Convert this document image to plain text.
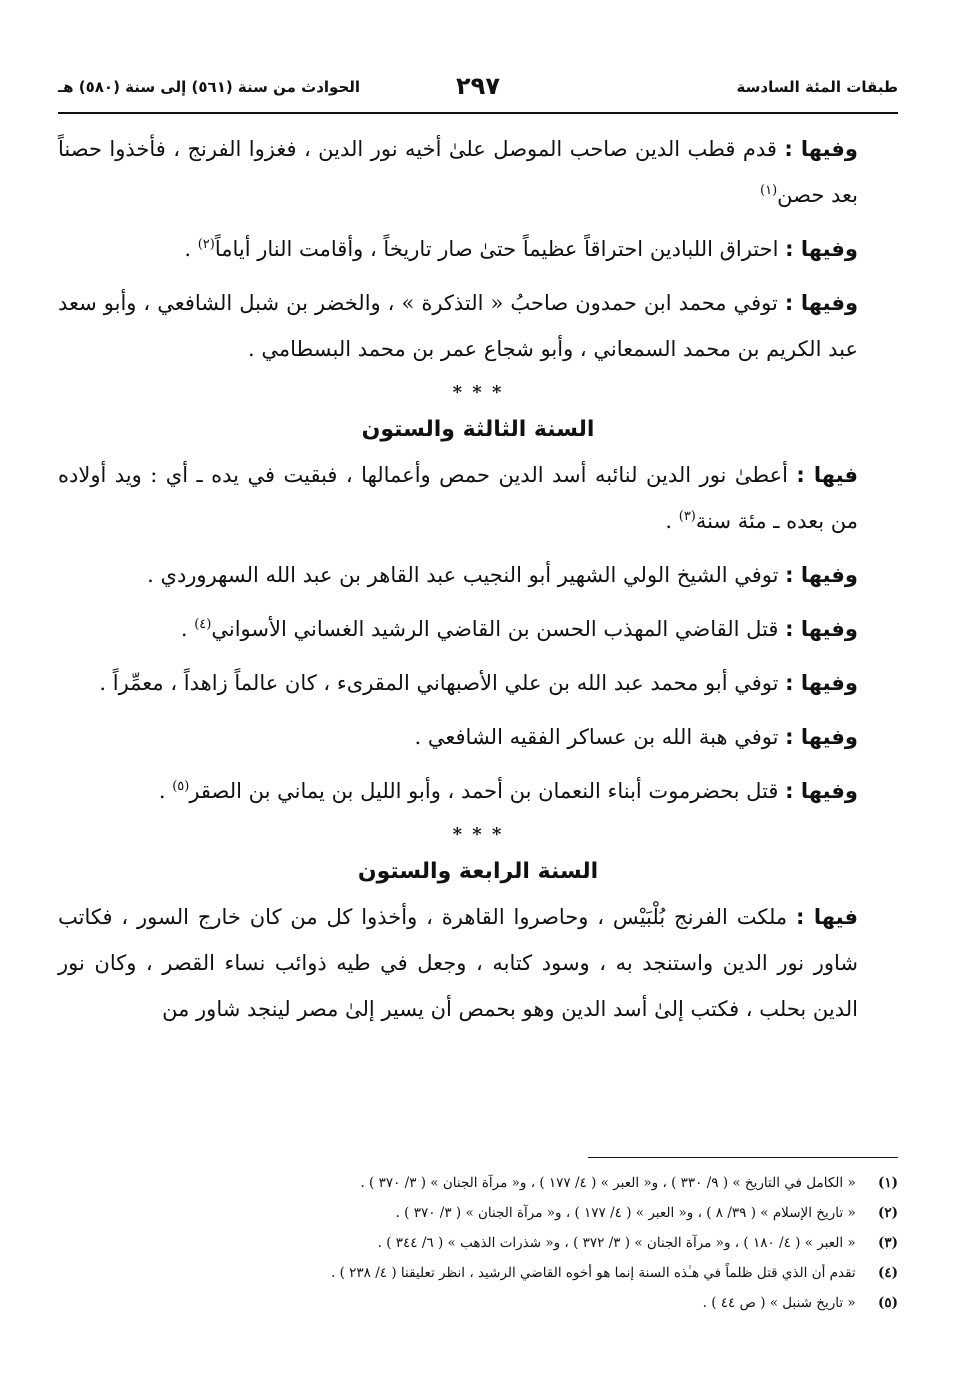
طبقات المئة السادسة
٢٩٧
الحوادث من سنة (٥٦١) إلى سنة (٥٨٠) هـ

وفيها : قدم قطب الدين صاحب الموصل علىٰ أخيه نور الدين ، فغزوا الفرنج ، فأخذوا حصناً بعد حصن$^{(١)}$

وفيها : احتراق اللبادين احتراقاً عظيماً حتىٰ صار تاريخاً ، وأقامت النار أياماً$^{(٢)}$ .

وفيها : توفي محمد ابن حمدون صاحبُ « التذكرة » ، والخضر بن شبل الشافعي ، وأبو سعد عبد الكريم بن محمد السمعاني ، وأبو شجاع عمر بن محمد البسطامي .

* * *
السنة الثالثة والستون

فيها : أعطىٰ نور الدين لنائبه أسد الدين حمص وأعمالها ، فبقيت في يده ـ أي : ويد أولاده من بعده ـ مئة سنة$^{(٣)}$ .

وفيها : توفي الشيخ الولي الشهير أبو النجيب عبد القاهر بن عبد الله السهروردي .

وفيها : قتل القاضي المهذب الحسن بن القاضي الرشيد الغساني الأسواني$^{(٤)}$ .

وفيها : توفي أبو محمد عبد الله بن علي الأصبهاني المقرىء ، كان عالماً زاهداً ، معمِّراً .

وفيها : توفي هبة الله بن عساكر الفقيه الشافعي .

وفيها : قتل بحضرموت أبناء النعمان بن أحمد ، وأبو الليل بن يماني بن الصقر$^{(٥)}$ .

* * *
السنة الرابعة والستون

فيها : ملكت الفرنج بُلْبَيْس ، وحاصروا القاهرة ، وأخذوا كل من كان خارج السور ، فكاتب شاور نور الدين واستنجد به ، وسود كتابه ، وجعل في طيه ذوائب نساء القصر ، وكان نور الدين بحلب ، فكتب إلىٰ أسد الدين وهو بحمص أن يسير إلىٰ مصر لينجد شاور من

(١) « الكامل في التاريخ » ( ٩/ ٣٣٠ ) ، و« العبر » ( ٤/ ١٧٧ ) ، و« مرآة الجنان » ( ٣/ ٣٧٠ ) .
(٢) « تاريخ الإسلام » ( ٣٩/ ٨ ) ، و« العبر » ( ٤/ ١٧٧ ) ، و« مرآة الجنان » ( ٣/ ٣٧٠ ) .
(٣) « العبر » ( ٤/ ١٨٠ ) ، و« مرآة الجنان » ( ٣/ ٣٧٢ ) ، و« شذرات الذهب » ( ٦/ ٣٤٤ ) .
(٤) تقدم أن الذي قتل ظلماً في هـٰذه السنة إنما هو أخوه القاضي الرشيد ، انظر تعليقنا ( ٤/ ٢٣٨ ) .
(٥) « تاريخ شنبل » ( ص ٤٤ ) .
